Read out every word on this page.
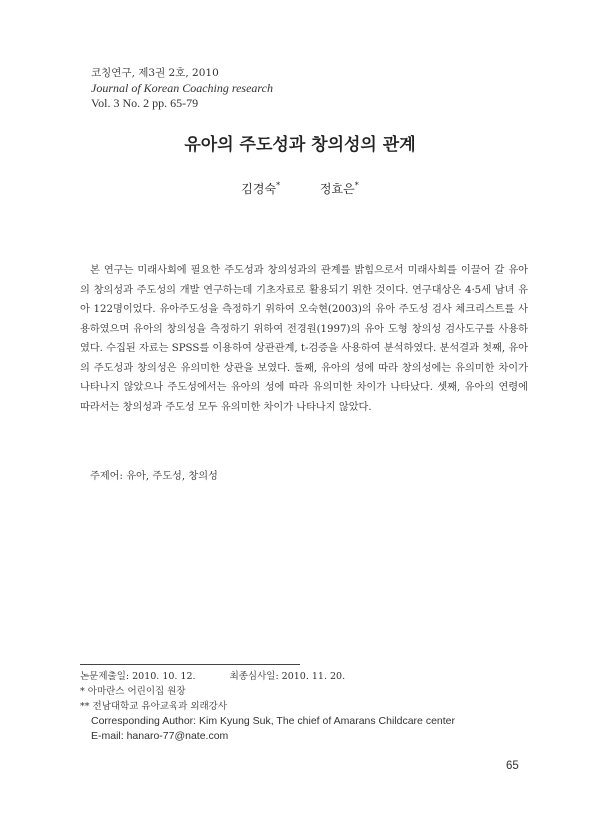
코칭연구, 제3권 2호, 2010
Journal of Korean Coaching research
Vol. 3 No. 2 pp. 65-79
유아의 주도성과 창의성의 관계
김경숙*	정효은*
본 연구는 미래사회에 필요한 주도성과 창의성과의 관계를 밝힘으로서 미래사회를 이끌어 갈 유아의 창의성과 주도성의 개발 연구하는데 기초자료로 활용되기 위한 것이다. 연구대상은 4·5세 남녀 유아 122명이었다. 유아주도성을 측정하기 위하여 오숙현(2003)의 유아 주도성 검사 체크리스트를 사용하였으며 유아의 창의성을 측정하기 위하여 전경원(1997)의 유아 도형 창의성 검사도구를 사용하였다. 수집된 자료는 SPSS를 이용하여 상관관계, t-검증을 사용하여 분석하였다. 분석결과 첫째, 유아의 주도성과 창의성은 유의미한 상관을 보였다. 둘째, 유아의 성에 따라 창의성에는 유의미한 차이가 나타나지 않았으나 주도성에서는 유아의 성에 따라 유의미한 차이가 나타났다. 셋째, 유아의 연령에 따라서는 창의성과 주도성 모두 유의미한 차이가 나타나지 않았다.
주제어: 유아, 주도성, 창의성
논문제출일: 2010. 10. 12.	최종심사일: 2010. 11. 20.
* 아마란스 어린이집 원장
** 전남대학교 유아교육과 외래강사
Corresponding Author: Kim Kyung Suk, The chief of Amarans Childcare center
E-mail: hanaro-77@nate.com
65
